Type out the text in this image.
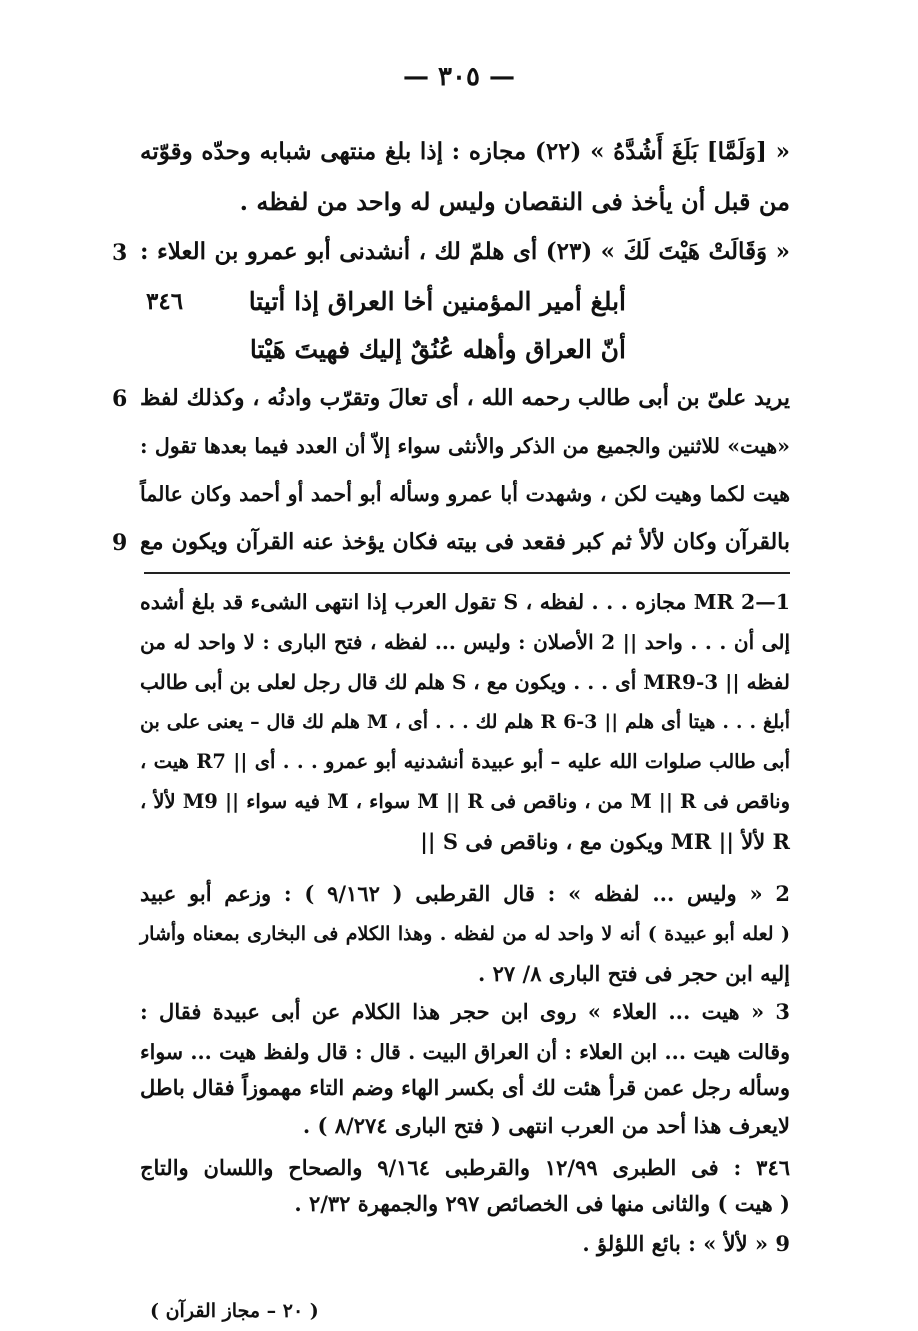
— ٣٠٥ —
« [وَلَمَّا] بَلَغَ أَشُدَّهُ » (٢٢) مجازه : إذا بلغ منتهى شبابه وحدّه وقوّته
من قبل أن يأخذ فى النقصان وليس له واحد من لفظه .
« وَقَالَتْ هَيْتَ لَكَ » (٢٣) أى هلمّ لك ، أنشدنى أبو عمرو بن العلاء :
3
أبلغ أمير المؤمنين أخا العراق إذا أتيتا
٣٤٦
أنّ العراق وأهله عُنُقٌ إليك فهيتَ هَيْتا
يريد علىّ بن أبى طالب رحمه الله ، أى تعالَ وتقرّب وادنُه ، وكذلك لفظ
6
«هيت» للاثنين والجميع من الذكر والأنثى سواء إلاّ أن العدد فيما بعدها تقول :
هيت لكما وهيت لكن ، وشهدت أبا عمرو وسأله أبو أحمد أو أحمد وكان عالماً
بالقرآن وكان لألأ ثم كبر فقعد فى بيته فكان يؤخذ عنه القرآن ويكون مع
9
1—2 MR مجازه . . . لفظه ، S تقول العرب إذا انتهى الشىء قد بلغ أشده
إلى أن . . . واحد || 2 الأصلان : وليس ... لفظه ، فتح البارى : لا واحد له من
لفظه || MR9-3 أى . . . ويكون مع ، S هلم لك قال رجل لعلى بن أبى طالب
أبلغ . . . هيتا أى هلم || R 6-3 هلم لك . . . أى ، M هلم لك قال – يعنى على بن
أبى طالب صلوات الله عليه – أبو عبيدة أنشدنيه أبو عمرو . . . أى || R7 هيت ،
وناقص فى M || R من ، وناقص فى M || R سواء ، M فيه سواء || M9 لألأ ،
R لألأ || MR ويكون مع ، وناقص فى S ||
2 « وليس ... لفظه » : قال القرطبى ( ٩/١٦٢ ) : وزعم أبو عبيد
( لعله أبو عبيدة ) أنه لا واحد له من لفظه . وهذا الكلام فى البخارى بمعناه وأشار
إليه ابن حجر فى فتح البارى ٨/ ٢٧ .
3 « هيت ... العلاء » روى ابن حجر هذا الكلام عن أبى عبيدة فقال :
وقالت هيت ... ابن العلاء : أن العراق البيت . قال : قال ولفظ هيت ... سواء
وسأله رجل عمن قرأ هئت لك أى بكسر الهاء وضم التاء مهموزاً فقال باطل
لايعرف هذا أحد من العرب انتهى ( فتح البارى ٨/٢٧٤ ) .
٣٤٦ : فى الطبرى ١٢/٩٩ والقرطبى ٩/١٦٤ والصحاح واللسان والتاج
( هيت ) والثانى منها فى الخصائص ٢٩٧ والجمهرة ٢/٣٢ .
9 « لألأ » : بائع اللؤلؤ .
( ٢٠ – مجاز القرآن )
